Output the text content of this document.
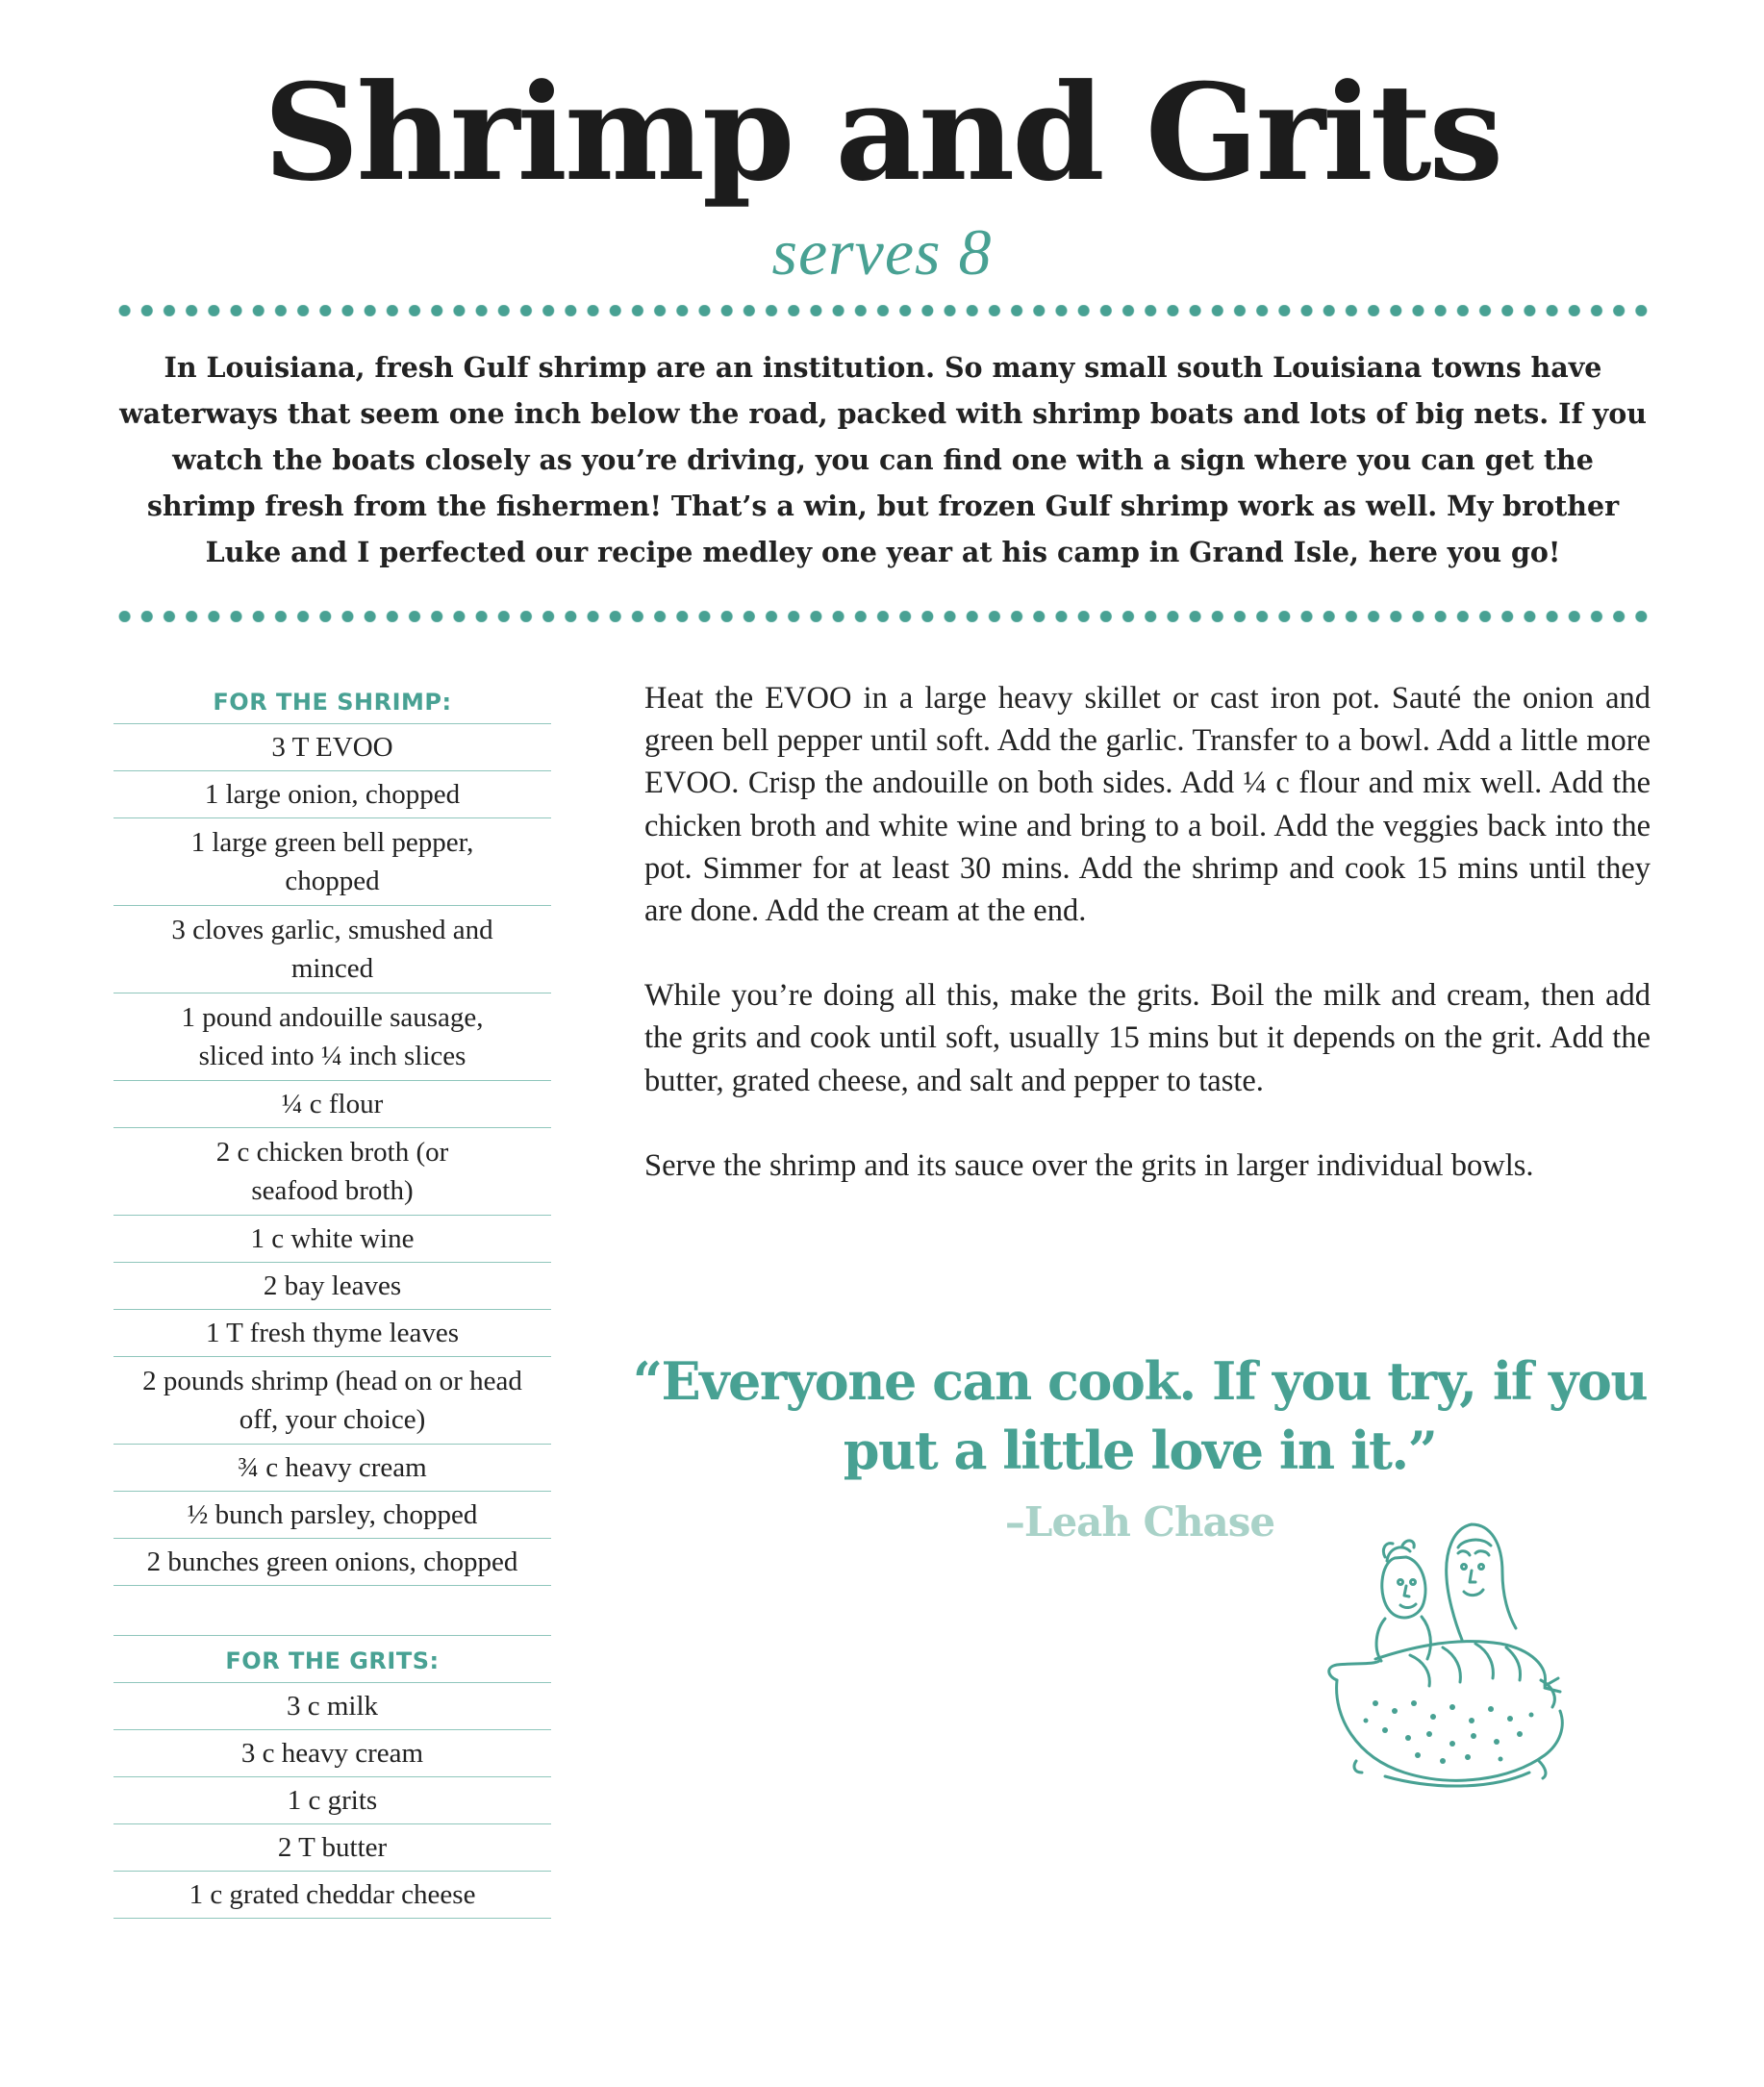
Shrimp and Grits
serves 8

In Louisiana, fresh Gulf shrimp are an institution. So many small south Louisiana towns have waterways that seem one inch below the road, packed with shrimp boats and lots of big nets. If you watch the boats closely as you’re driving, you can find one with a sign where you can get the shrimp fresh from the fishermen! That’s a win, but frozen Gulf shrimp work as well. My brother Luke and I perfected our recipe medley one year at his camp in Grand Isle, here you go!

FOR THE SHRIMP:
3 T EVOO
1 large onion, chopped
1 large green bell pepper, chopped
3 cloves garlic, smushed and minced
1 pound andouille sausage, sliced into ¼ inch slices
¼ c flour
2 c chicken broth (or seafood broth)
1 c white wine
2 bay leaves
1 T fresh thyme leaves
2 pounds shrimp (head on or head off, your choice)
¾ c heavy cream
½ bunch parsley, chopped
2 bunches green onions, chopped
FOR THE GRITS:
3 c milk
3 c heavy cream
1 c grits
2 T butter
1 c grated cheddar cheese

Heat the EVOO in a large heavy skillet or cast iron pot. Sauté the onion and green bell pepper until soft. Add the garlic. Transfer to a bowl. Add a little more EVOO. Crisp the andouille on both sides. Add ¼ c flour and mix well. Add the chicken broth and white wine and bring to a boil. Add the veggies back into the pot. Simmer for at least 30 mins. Add the shrimp and cook 15 mins until they are done. Add the cream at the end.

While you’re doing all this, make the grits. Boil the milk and cream, then add the grits and cook until soft, usually 15 mins but it depends on the grit. Add the butter, grated cheese, and salt and pepper to taste.

Serve the shrimp and its sauce over the grits in larger individual bowls.

“Everyone can cook. If you try, if you put a little love in it.”

–Leah Chase
